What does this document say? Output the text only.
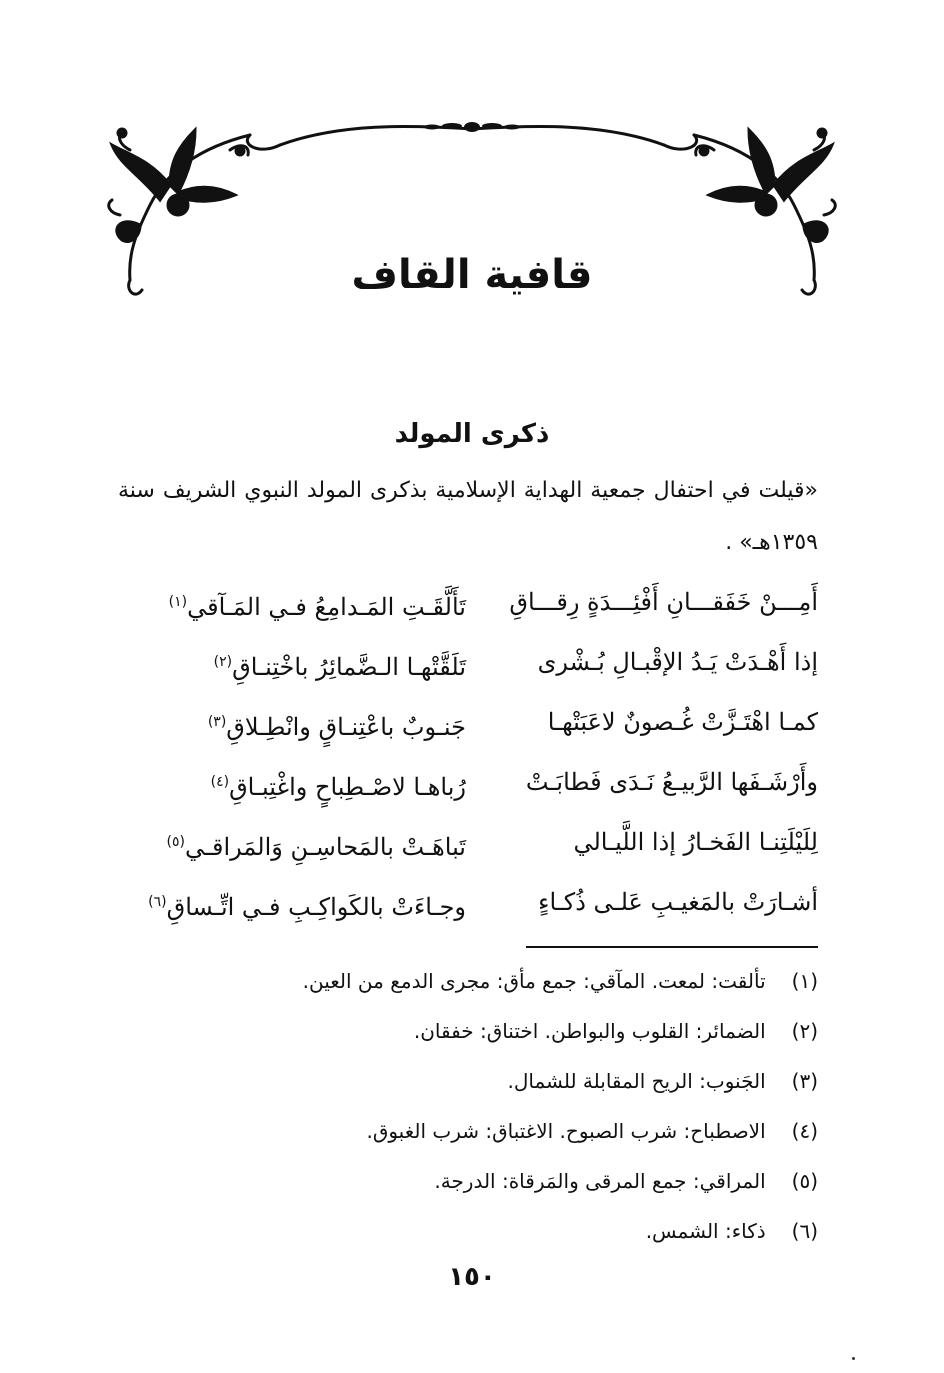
قافية القاف
ذكرى المولد
«قيلت في احتفال جمعية الهداية الإسلامية بذكرى المولد النبوي الشريف سنة ١٣٥٩هـ» .
أَمِـــنْ خَفَقـــانِ أَفْئِـــدَةٍ رِقـــاقِ
تَأَلَّقَـتِ المَـدامِعُ فـي المَـآقي$^{(١)}$
إذا أَهْـدَتْ يَـدُ الإقْبـالِ بُـشْرى
تَلَقَّتْهـا الـضَّمائِرُ باخْتِنـاقِ$^{(٢)}$
كمـا اهْتَـزَّتْ غُـصونٌ لاعَبَتْهـا
جَنـوبٌ باعْتِنـاقٍ وانْطِـلاقِ$^{(٣)}$
وأَرْشَـفَها الرَّبيـعُ نَـدَى فَطابَـتْ
رُباهـا لاصْـطِباحٍ واغْتِبـاقِ$^{(٤)}$
لِلَيْلَتِنـا الفَخـارُ إذا اللَّيـالي
تَباهَـتْ بالمَحاسِـنِ وَالمَراقـي$^{(٥)}$
أشـارَتْ بالمَغيـبِ عَلـى ذُكـاءٍ
وجـاءَتْ بالكَواكِـبِ فـي اتِّـساقِ$^{(٦)}$
(١) تألقت: لمعت. المآقي: جمع مأق: مجرى الدمع من العين.
(٢) الضمائر: القلوب والبواطن. اختناق: خفقان.
(٣) الجَنوب: الريح المقابلة للشمال.
(٤) الاصطباح: شرب الصبوح. الاغتباق: شرب الغبوق.
(٥) المراقي: جمع المرقى والمَرقاة: الدرجة.
(٦) ذكاء: الشمس.
١٥٠
